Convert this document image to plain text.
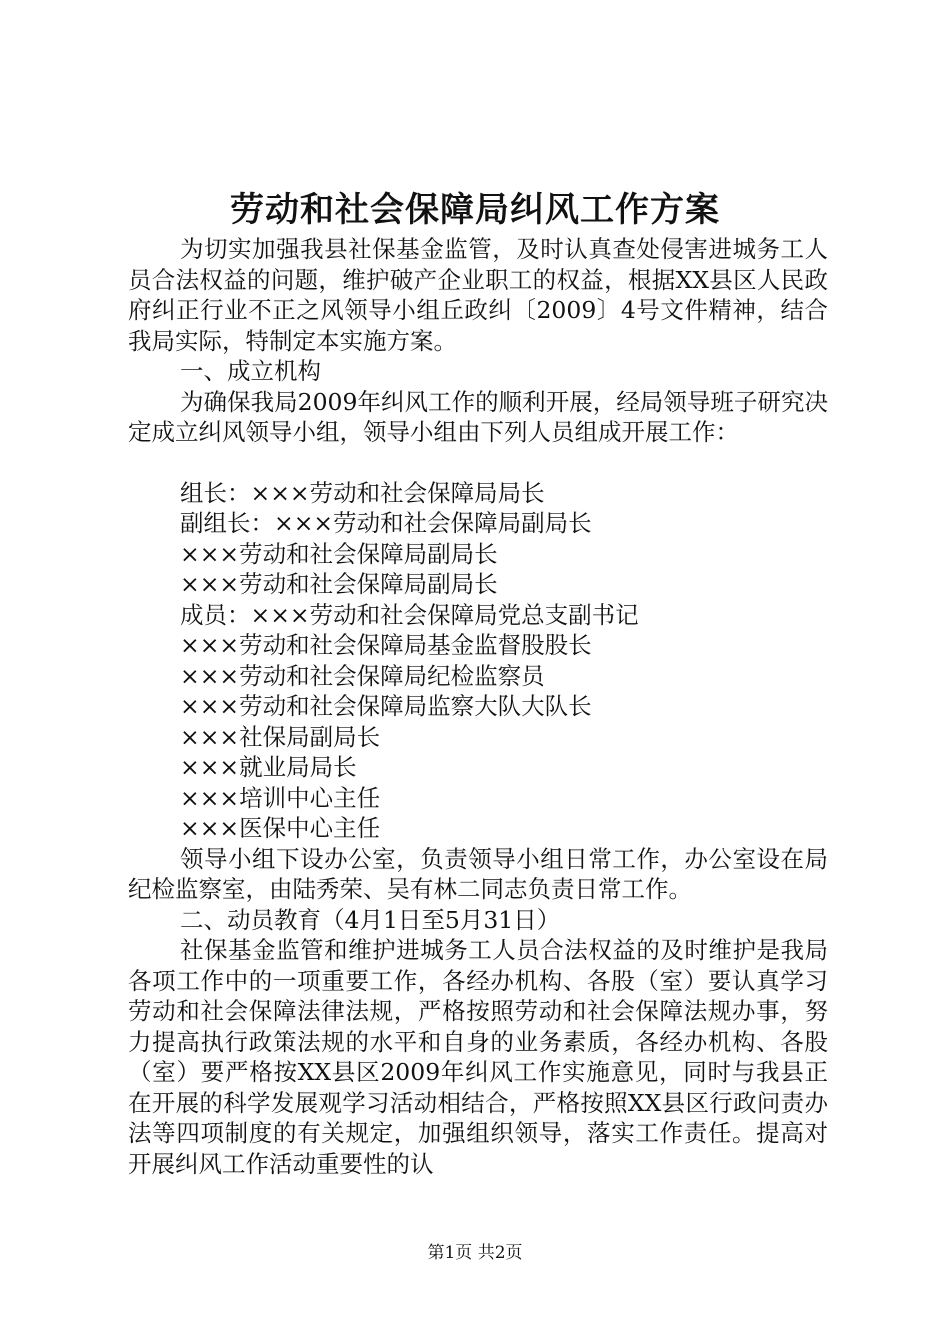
劳动和社会保障局纠风工作方案

为切实加强我县社保基金监管，及时认真查处侵害进城务工人员合法权益的问题，维护破产企业职工的权益，根据XX县区人民政府纠正行业不正之风领导小组丘政纠〔2009〕4号文件精神，结合我局实际，特制定本实施方案。

一、成立机构

为确保我局2009年纠风工作的顺利开展，经局领导班子研究决定成立纠风领导小组，领导小组由下列人员组成开展工作：

组长：×××劳动和社会保障局局长

副组长：×××劳动和社会保障局副局长

×××劳动和社会保障局副局长

×××劳动和社会保障局副局长

成员：×××劳动和社会保障局党总支副书记

×××劳动和社会保障局基金监督股股长

×××劳动和社会保障局纪检监察员

×××劳动和社会保障局监察大队大队长

×××社保局副局长

×××就业局局长

×××培训中心主任

×××医保中心主任

领导小组下设办公室，负责领导小组日常工作，办公室设在局纪检监察室，由陆秀荣、吴有林二同志负责日常工作。

二、动员教育（4月1日至5月31日）

社保基金监管和维护进城务工人员合法权益的及时维护是我局各项工作中的一项重要工作，各经办机构、各股（室）要认真学习劳动和社会保障法律法规，严格按照劳动和社会保障法规办事，努力提高执行政策法规的水平和自身的业务素质，各经办机构、各股（室）要严格按XX县区2009年纠风工作实施意见，同时与我县正在开展的科学发展观学习活动相结合，严格按照XX县区行政问责办法等四项制度的有关规定，加强组织领导，落实工作责任。提高对开展纠风工作活动重要性的认

第1页 共2页
